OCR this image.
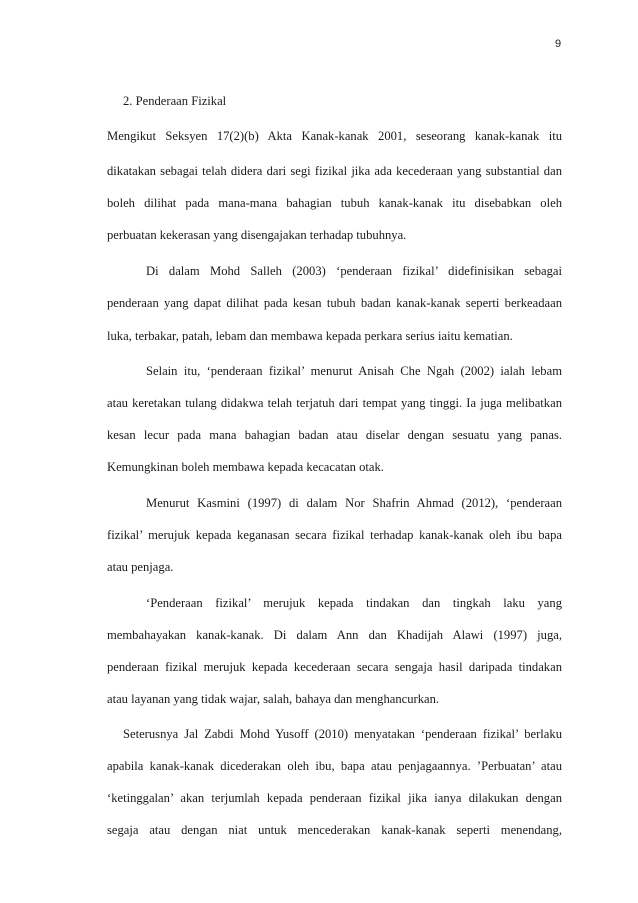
9
2. Penderaan Fizikal
Mengikut Seksyen 17(2)(b) Akta Kanak-kanak 2001, seseorang kanak-kanak itu
dikatakan sebagai telah didera dari segi fizikal jika ada kecederaan yang substantial dan
boleh dilihat pada mana-mana bahagian tubuh kanak-kanak itu disebabkan oleh
perbuatan kekerasan yang disengajakan terhadap tubuhnya.
Di dalam Mohd Salleh (2003) ‘penderaan fizikal’ didefinisikan sebagai
penderaan yang dapat dilihat pada kesan tubuh badan kanak-kanak seperti berkeadaan
luka, terbakar, patah, lebam dan membawa kepada perkara serius iaitu kematian.
Selain itu, ‘penderaan fizikal’ menurut Anisah Che Ngah (2002) ialah lebam
atau keretakan tulang didakwa telah terjatuh dari tempat yang tinggi. Ia juga melibatkan
kesan lecur pada mana bahagian badan atau diselar dengan sesuatu yang panas.
Kemungkinan boleh membawa kepada kecacatan otak.
Menurut Kasmini (1997) di dalam Nor Shafrin Ahmad (2012), ‘penderaan
fizikal’ merujuk kepada keganasan secara fizikal terhadap kanak-kanak oleh ibu bapa
atau penjaga.
‘Penderaan fizikal’ merujuk kepada tindakan dan tingkah laku yang
membahayakan kanak-kanak. Di dalam Ann dan Khadijah Alawi (1997) juga,
penderaan fizikal merujuk kepada kecederaan secara sengaja hasil daripada tindakan
atau layanan yang tidak wajar, salah, bahaya dan menghancurkan.
Seterusnya Jal Zabdi Mohd Yusoff (2010) menyatakan ‘penderaan fizikal’ berlaku
apabila kanak-kanak dicederakan oleh ibu, bapa atau penjagaannya. ’Perbuatan’ atau
‘ketinggalan’ akan terjumlah kepada penderaan fizikal jika ianya dilakukan dengan
segaja atau dengan niat untuk mencederakan kanak-kanak seperti menendang,
